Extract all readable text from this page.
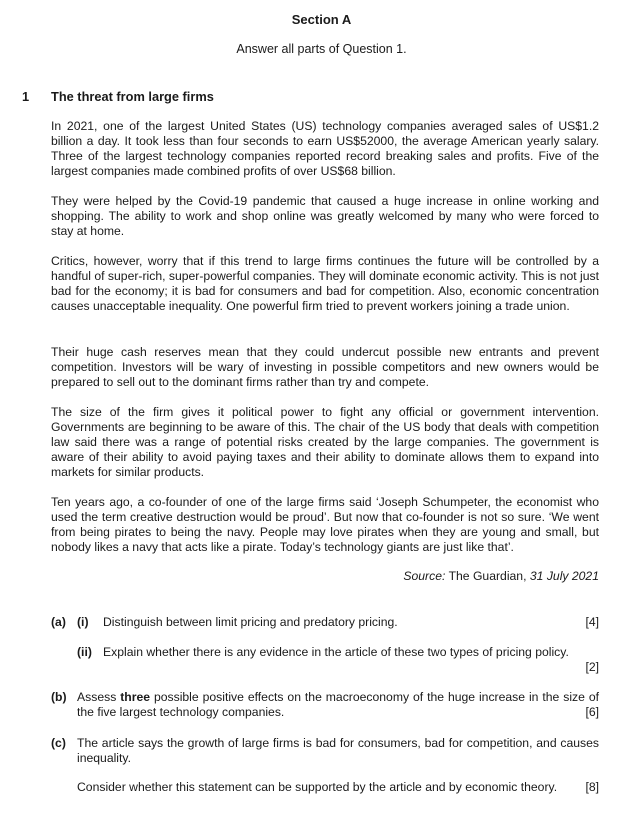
Section A
Answer all parts of Question 1.
1 The threat from large firms

In 2021, one of the largest United States (US) technology companies averaged sales of US$1.2 billion a day. It took less than four seconds to earn US$52000, the average American yearly salary. Three of the largest technology companies reported record breaking sales and profits. Five of the largest companies made combined profits of over US$68 billion.

They were helped by the Covid-19 pandemic that caused a huge increase in online working and shopping. The ability to work and shop online was greatly welcomed by many who were forced to stay at home.

Critics, however, worry that if this trend to large firms continues the future will be controlled by a handful of super-rich, super-powerful companies. They will dominate economic activity. This is not just bad for the economy; it is bad for consumers and bad for competition. Also, economic concentration causes unacceptable inequality. One powerful firm tried to prevent workers joining a trade union.

Their huge cash reserves mean that they could undercut possible new entrants and prevent competition. Investors will be wary of investing in possible competitors and new owners would be prepared to sell out to the dominant firms rather than try and compete.

The size of the firm gives it political power to fight any official or government intervention. Governments are beginning to be aware of this. The chair of the US body that deals with competition law said there was a range of potential risks created by the large companies. The government is aware of their ability to avoid paying taxes and their ability to dominate allows them to expand into markets for similar products.

Ten years ago, a co-founder of one of the large firms said ‘Joseph Schumpeter, the economist who used the term creative destruction would be proud’. But now that co-founder is not so sure. ‘We went from being pirates to being the navy. People may love pirates when they are young and small, but nobody likes a navy that acts like a pirate. Today’s technology giants are just like that’.

Source: The Guardian, 31 July 2021
(a) (i) Distinguish between limit pricing and predatory pricing.	[4]
(ii) Explain whether there is any evidence in the article of these two types of pricing policy.
[2]
(b) Assess three possible positive effects on the macroeconomy of the huge increase in the size of the five largest technology companies.	[6]
(c) The article says the growth of large firms is bad for consumers, bad for competition, and causes inequality.
Consider whether this statement can be supported by the article and by economic theory. [8]
